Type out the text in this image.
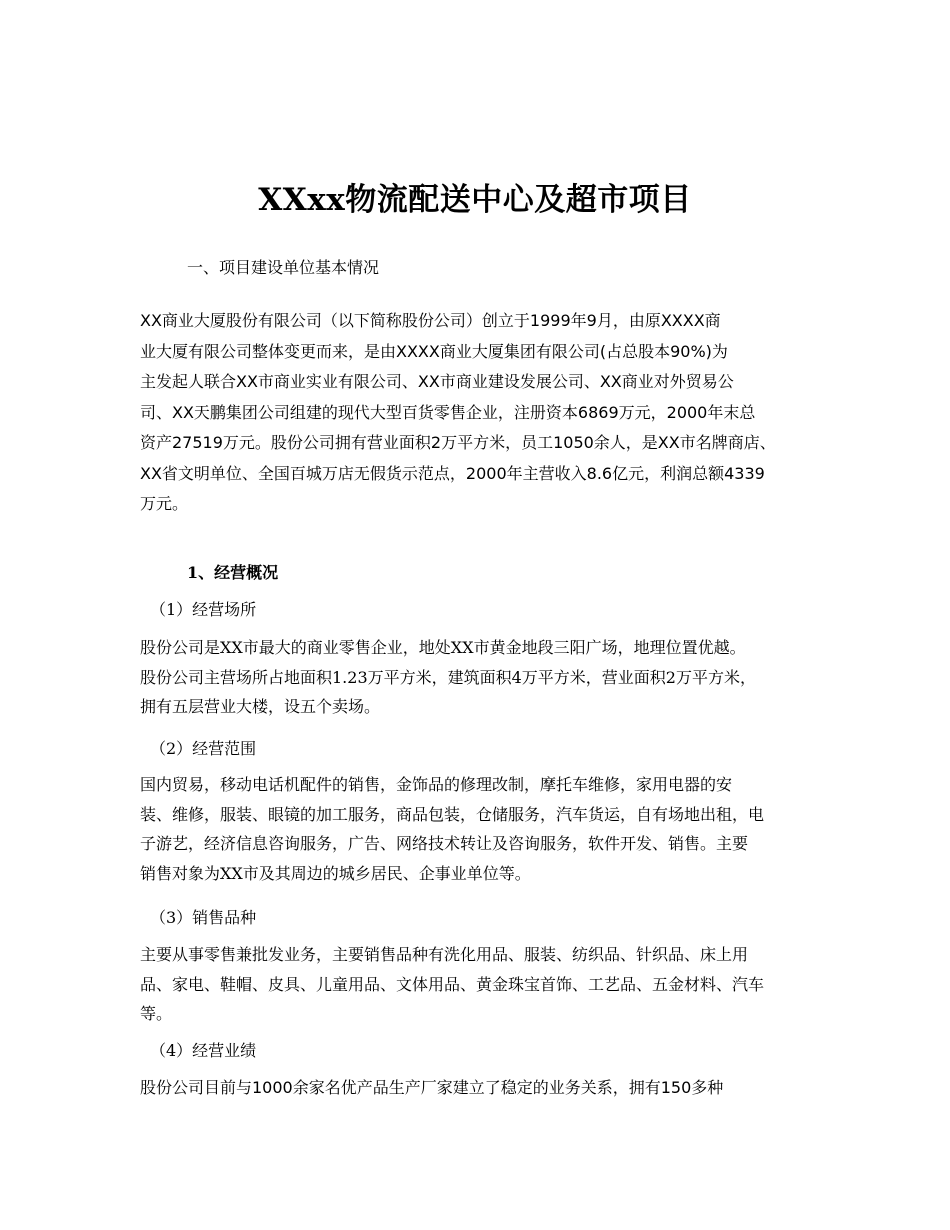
XXxx物流配送中心及超市项目
一、项目建设单位基本情况
XX商业大厦股份有限公司（以下简称股份公司）创立于1999年9月，由原XXXX商
业大厦有限公司整体变更而来，是由XXXX商业大厦集团有限公司(占总股本90%)为
主发起人联合XX市商业实业有限公司、XX市商业建设发展公司、XX商业对外贸易公
司、XX天鹏集团公司组建的现代大型百货零售企业，注册资本6869万元，2000年末总
资产27519万元。股份公司拥有营业面积2万平方米，员工1050余人，是XX市名牌商店、
XX省文明单位、全国百城万店无假货示范点，2000年主营收入8.6亿元，利润总额4339
万元。
1、经营概况
（1）经营场所
股份公司是XX市最大的商业零售企业，地处XX市黄金地段三阳广场，地理位置优越。
股份公司主营场所占地面积1.23万平方米，建筑面积4万平方米，营业面积2万平方米，
拥有五层营业大楼，设五个卖场。
（2）经营范围
国内贸易，移动电话机配件的销售，金饰品的修理改制，摩托车维修，家用电器的安
装、维修，服装、眼镜的加工服务，商品包装，仓储服务，汽车货运，自有场地出租，电
子游艺，经济信息咨询服务，广告、网络技术转让及咨询服务，软件开发、销售。主要
销售对象为XX市及其周边的城乡居民、企事业单位等。
（3）销售品种
主要从事零售兼批发业务，主要销售品种有洗化用品、服装、纺织品、针织品、床上用
品、家电、鞋帽、皮具、儿童用品、文体用品、黄金珠宝首饰、工艺品、五金材料、汽车
等。
（4）经营业绩
股份公司目前与1000余家名优产品生产厂家建立了稳定的业务关系，拥有150多种
